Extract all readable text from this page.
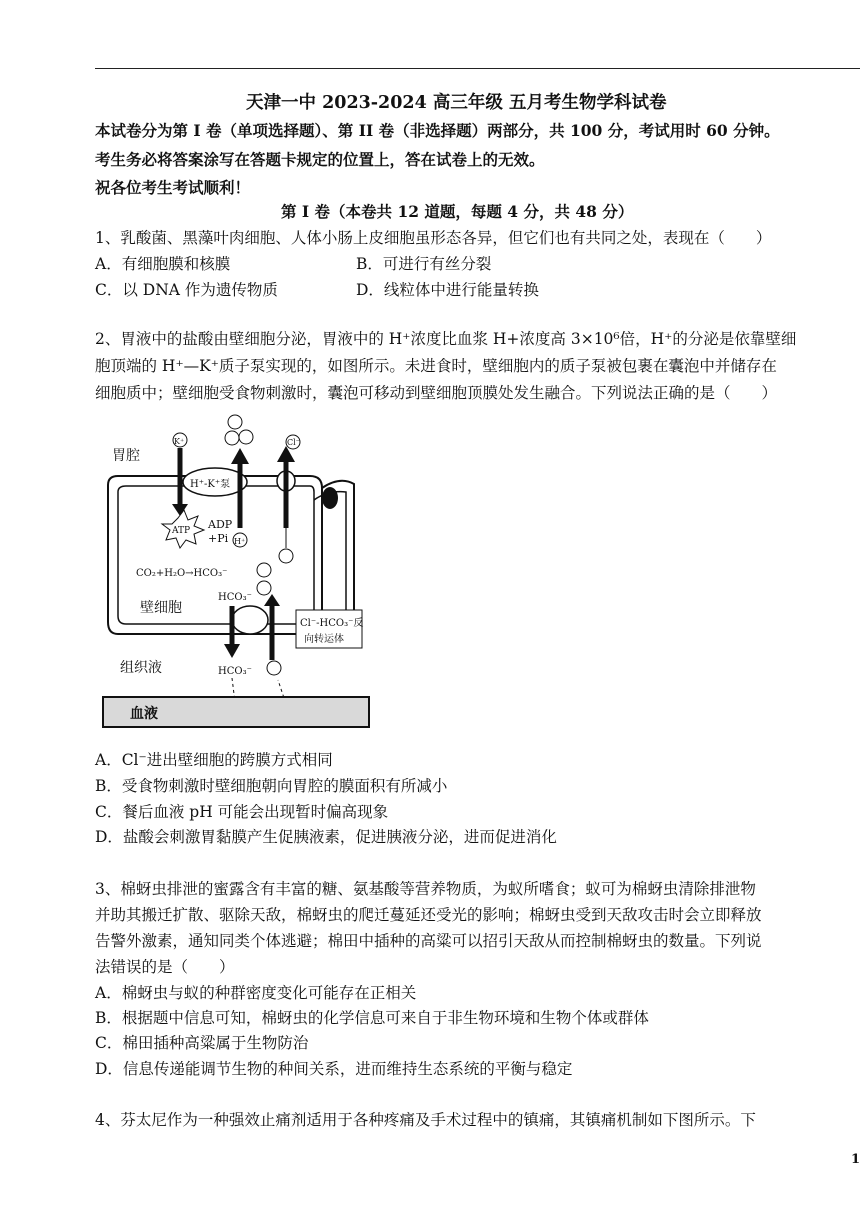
天津一中 2023-2024 高三年级 五月考生物学科试卷
本试卷分为第 I 卷（单项选择题）、第 II 卷（非选择题）两部分，共 100 分，考试用时 60 分钟。
考生务必将答案涂写在答题卡规定的位置上，答在试卷上的无效。
祝各位考生考试顺利！
第 I 卷（本卷共 12 道题，每题 4 分，共 48 分）
1、乳酸菌、黑藻叶肉细胞、人体小肠上皮细胞虽形态各异，但它们也有共同之处，表现在（　　）
A．有细胞膜和核膜	B．可进行有丝分裂
C．以 DNA 作为遗传物质	D．线粒体中进行能量转换
2、胃液中的盐酸由壁细胞分泌，胃液中的 H⁺浓度比血浆 H+浓度高 3×10⁶倍，H⁺的分泌是依靠壁细
胞顶端的 H⁺—K⁺质子泵实现的，如图所示。未进食时，壁细胞内的质子泵被包裹在囊泡中并储存在
细胞质中；壁细胞受食物刺激时，囊泡可移动到壁细胞顶膜处发生融合。下列说法正确的是（　　）
胃腔
壁细胞
组织液
H⁺-K⁺泵
K⁺
ATP ADP
+Pi H⁺
Cl⁻
CO₂+H₂O→HCO₃⁻
HCO₃⁻
Cl⁻-HCO₃⁻反
向转运体
HCO₃⁻
血液
A．Cl⁻进出壁细胞的跨膜方式相同
B．受食物刺激时壁细胞朝向胃腔的膜面积有所减小
C．餐后血液 pH 可能会出现暂时偏高现象
D．盐酸会刺激胃黏膜产生促胰液素，促进胰液分泌，进而促进消化
3、棉蚜虫排泄的蜜露含有丰富的糖、氨基酸等营养物质，为蚁所嗜食；蚁可为棉蚜虫清除排泄物
并助其搬迁扩散、驱除天敌，棉蚜虫的爬迁蔓延还受光的影响；棉蚜虫受到天敌攻击时会立即释放
告警外激素，通知同类个体逃避；棉田中插种的高粱可以招引天敌从而控制棉蚜虫的数量。下列说
法错误的是（　　）
A．棉蚜虫与蚁的种群密度变化可能存在正相关
B．根据题中信息可知，棉蚜虫的化学信息可来自于非生物环境和生物个体或群体
C．棉田插种高粱属于生物防治
D．信息传递能调节生物的种间关系，进而维持生态系统的平衡与稳定
4、芬太尼作为一种强效止痛剂适用于各种疼痛及手术过程中的镇痛，其镇痛机制如下图所示。下
1
